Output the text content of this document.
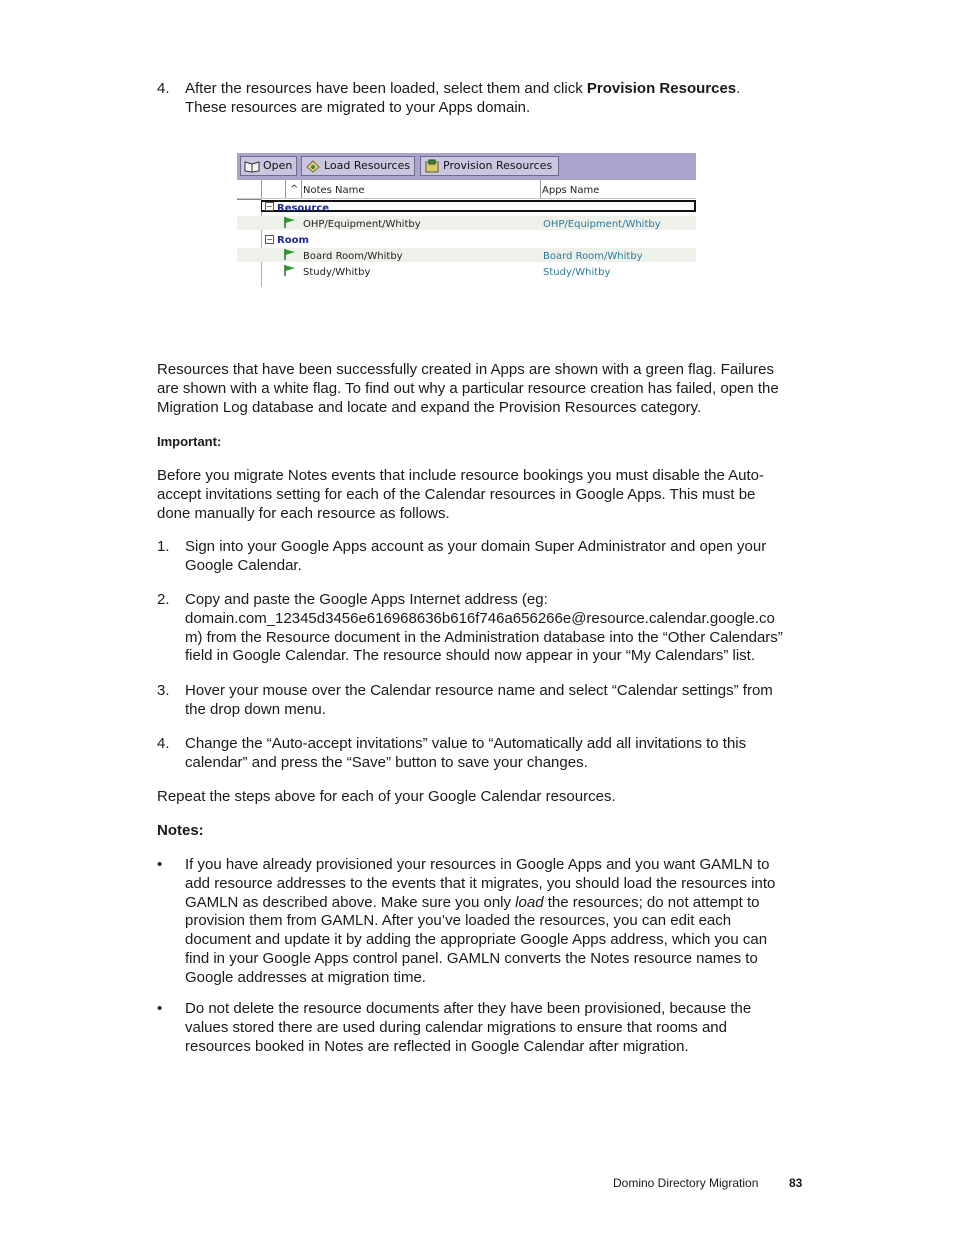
4. After the resources have been loaded, select them and click Provision Resources.
These resources are migrated to your Apps domain.
Open	Load Resources	Provision Resources
^ Notes Name	Apps Name
− Resource
OHP/Equipment/Whitby	OHP/Equipment/Whitby
− Room
Board Room/Whitby	Board Room/Whitby
Study/Whitby	Study/Whitby
Resources that have been successfully created in Apps are shown with a green flag. Failures
are shown with a white flag. To find out why a particular resource creation has failed, open the
Migration Log database and locate and expand the Provision Resources category.
Important:
Before you migrate Notes events that include resource bookings you must disable the Auto-
accept invitations setting for each of the Calendar resources in Google Apps. This must be
done manually for each resource as follows.
1. Sign into your Google Apps account as your domain Super Administrator and open your
Google Calendar.
2. Copy and paste the Google Apps Internet address (eg:
domain.com_12345d3456e616968636b616f746a656266e@resource.calendar.google.co
m) from the Resource document in the Administration database into the “Other Calendars”
field in Google Calendar. The resource should now appear in your “My Calendars” list.
3. Hover your mouse over the Calendar resource name and select “Calendar settings” from
the drop down menu.
4. Change the “Auto-accept invitations” value to “Automatically add all invitations to this
calendar” and press the “Save” button to save your changes.
Repeat the steps above for each of your Google Calendar resources.
Notes:
• If you have already provisioned your resources in Google Apps and you want GAMLN to
add resource addresses to the events that it migrates, you should load the resources into
GAMLN as described above. Make sure you only load the resources; do not attempt to
provision them from GAMLN. After you’ve loaded the resources, you can edit each
document and update it by adding the appropriate Google Apps address, which you can
find in your Google Apps control panel. GAMLN converts the Notes resource names to
Google addresses at migration time.
• Do not delete the resource documents after they have been provisioned, because the
values stored there are used during calendar migrations to ensure that rooms and
resources booked in Notes are reflected in Google Calendar after migration.
Domino Directory Migration	83
